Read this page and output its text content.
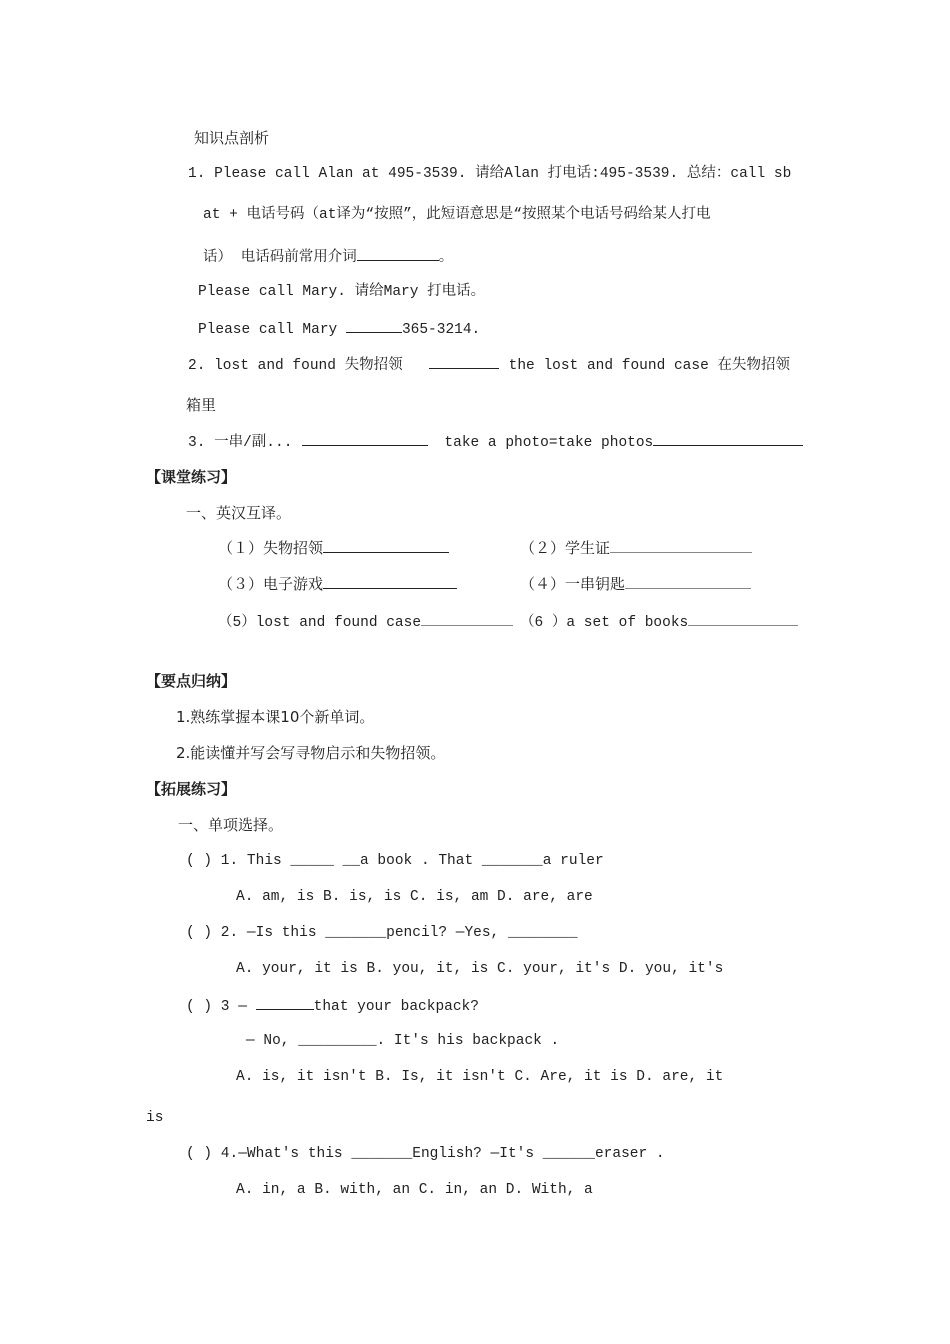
知识点剖析
1. Please call Alan at 495-3539. 请给Alan 打电话:495-3539. 总结：call sb
at + 电话号码（at译为“按照”，此短语意思是“按照某个电话号码给某人打电
话） 电话码前常用介词	。
Please call Mary. 请给Mary 打电话。
Please call Mary	365-3214.
2. lost and found 失物招领	the lost and found case 在失物招领
箱里
3. 一串/副...	take a photo=take photos
【课堂练习】
一、英汉互译。
（１）失物招领	（２）学生证
（３）电子游戏	（４）一串钥匙
（5）lost and found case	（6 ）a set of books
【要点归纳】
1.熟练掌握本课10个新单词。
2.能读懂并写会写寻物启示和失物招领。
【拓展练习】
一、单项选择。
( ) 1. This _____ __a book . That _______a ruler
A. am, is B. is, is C. is, am D. are, are
( ) 2. —Is this _______pencil? —Yes, ________
A. your, it is B. you, it, is C. your, it's D. you, it's
( ) 3 —	that your backpack?
— No, _________. It's his backpack .
A. is, it isn't B. Is, it isn't C. Are, it is D. are, it
is
( ) 4.—What's this _______English? —It's ______eraser .
A. in, a B. with, an C. in, an D. With, a
